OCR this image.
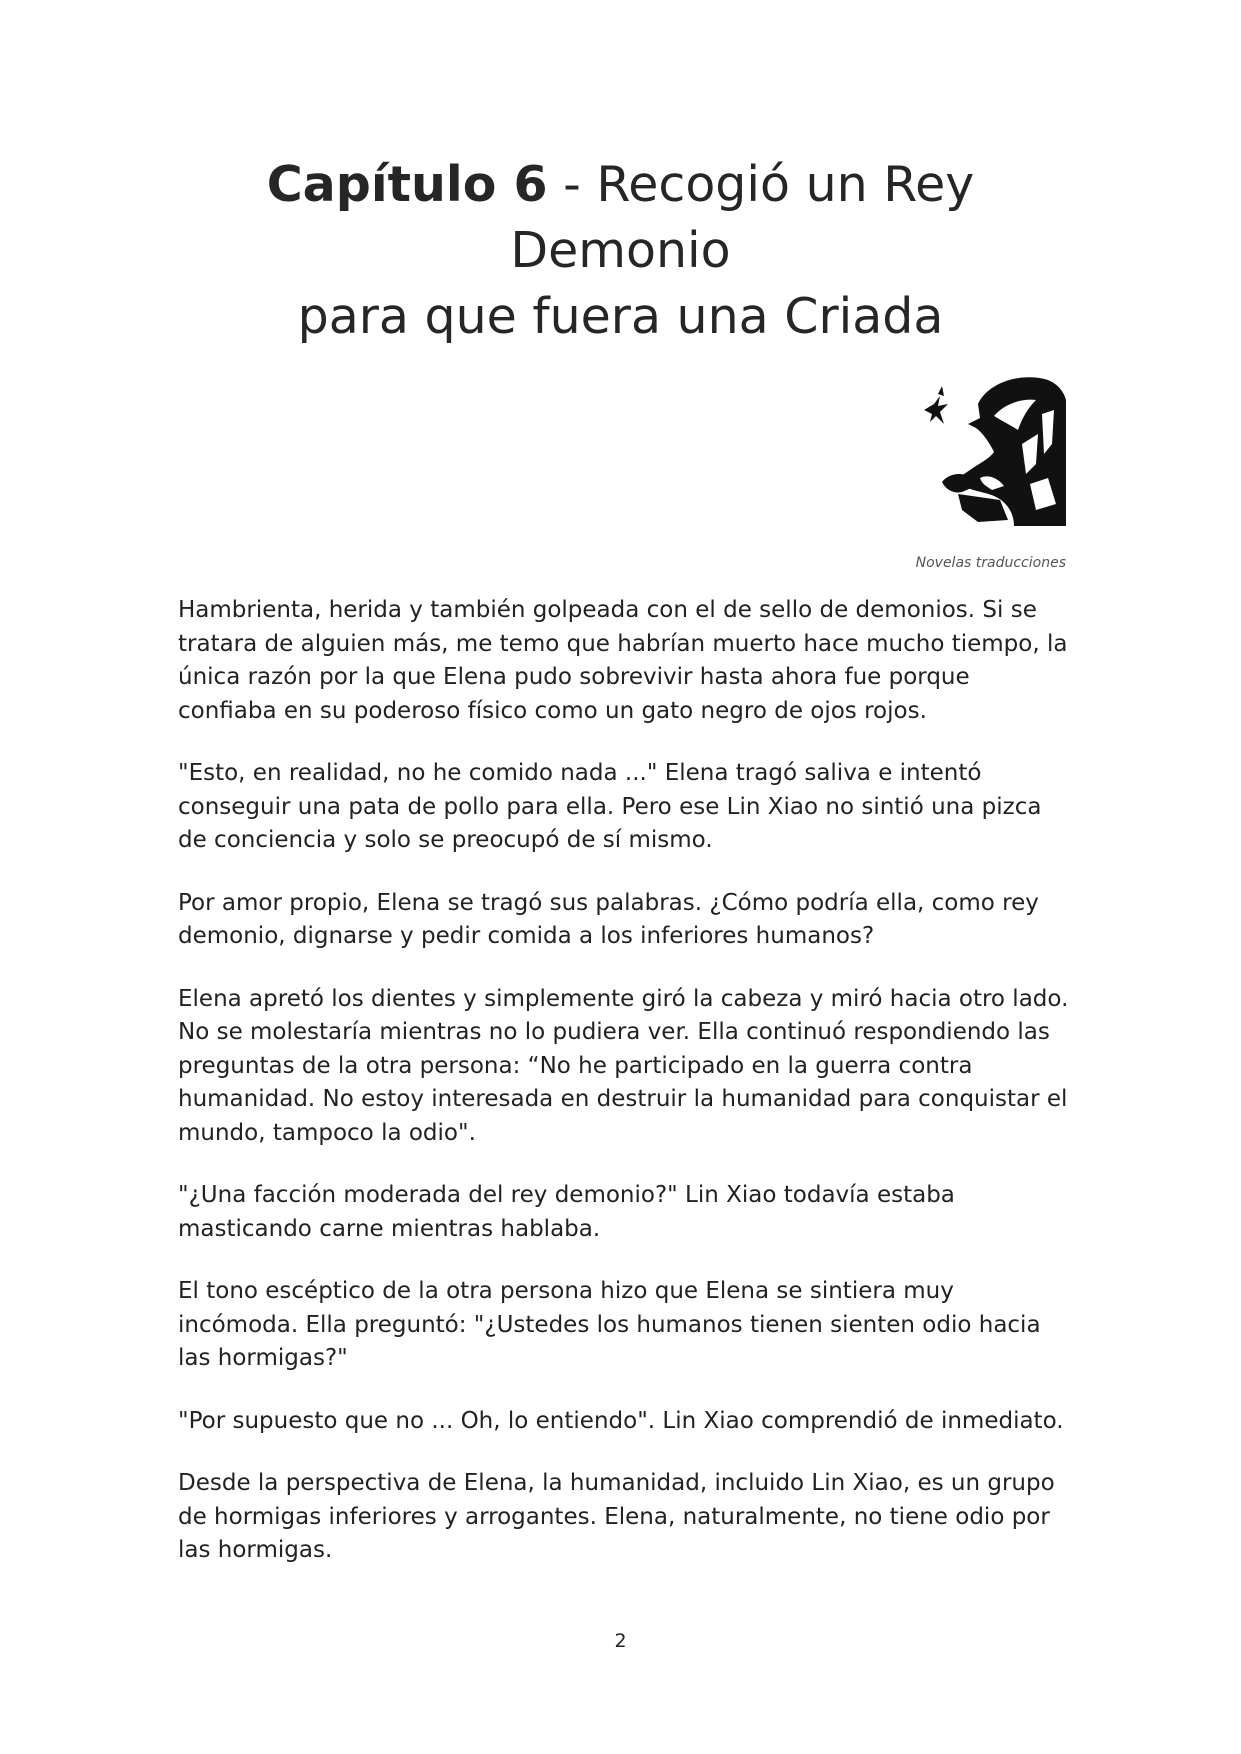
Capítulo 6 - Recogió un Rey Demonio
para que fuera una Criada
Novelas traducciones

Hambrienta, herida y también golpeada con el de sello de demonios. Si se tratara de alguien más, me temo que habrían muerto hace mucho tiempo, la única razón por la que Elena pudo sobrevivir hasta ahora fue porque confiaba en su poderoso físico como un gato negro de ojos rojos.

"Esto, en realidad, no he comido nada ..." Elena tragó saliva e intentó conseguir una pata de pollo para ella. Pero ese Lin Xiao no sintió una pizca de conciencia y solo se preocupó de sí mismo.

Por amor propio, Elena se tragó sus palabras. ¿Cómo podría ella, como rey demonio, dignarse y pedir comida a los inferiores humanos?

Elena apretó los dientes y simplemente giró la cabeza y miró hacia otro lado. No se molestaría mientras no lo pudiera ver. Ella continuó respondiendo las preguntas de la otra persona: “No he participado en la guerra contra humanidad. No estoy interesada en destruir la humanidad para conquistar el mundo, tampoco la odio".

"¿Una facción moderada del rey demonio?" Lin Xiao todavía estaba masticando carne mientras hablaba.

El tono escéptico de la otra persona hizo que Elena se sintiera muy incómoda. Ella preguntó: "¿Ustedes los humanos tienen sienten odio hacia las hormigas?"

"Por supuesto que no ... Oh, lo entiendo". Lin Xiao comprendió de inmediato.

Desde la perspectiva de Elena, la humanidad, incluido Lin Xiao, es un grupo de hormigas inferiores y arrogantes. Elena, naturalmente, no tiene odio por las hormigas.

2
